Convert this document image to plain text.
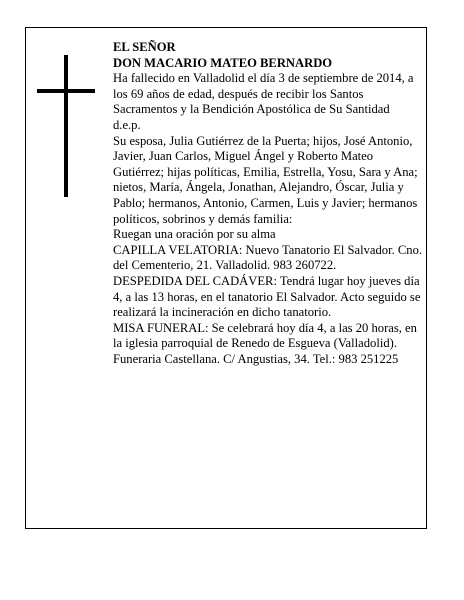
EL SEÑOR

DON MACARIO MATEO BERNARDO

Ha fallecido en Valladolid el día 3 de septiembre de 2014, a los 69 años de edad, después de recibir los Santos Sacramentos y la Bendición Apostólica de Su Santidad

d.e.p.

Su esposa, Julia Gutiérrez de la Puerta; hijos, José Antonio, Javier, Juan Carlos, Miguel Ángel y Roberto Mateo Gutiérrez; hijas políticas, Emilia, Estrella, Yosu, Sara y Ana; nietos, María, Ángela, Jonathan, Alejandro, Óscar, Julia y Pablo; hermanos, Antonio, Carmen, Luis y Javier; hermanos políticos, sobrinos y demás familia:

Ruegan una oración por su alma

CAPILLA VELATORIA: Nuevo Tanatorio El Salvador. Cno. del Cementerio, 21. Valladolid. 983 260722.

DESPEDIDA DEL CADÁVER: Tendrá lugar hoy jueves día 4, a las 13 horas, en el tanatorio El Salvador. Acto seguido se realizará la incineración en dicho tanatorio.

MISA FUNERAL: Se celebrará hoy día 4, a las 20 horas, en la iglesia parroquial de Renedo de Esgueva (Valladolid).

Funeraria Castellana. C/ Angustias, 34. Tel.: 983 251225
